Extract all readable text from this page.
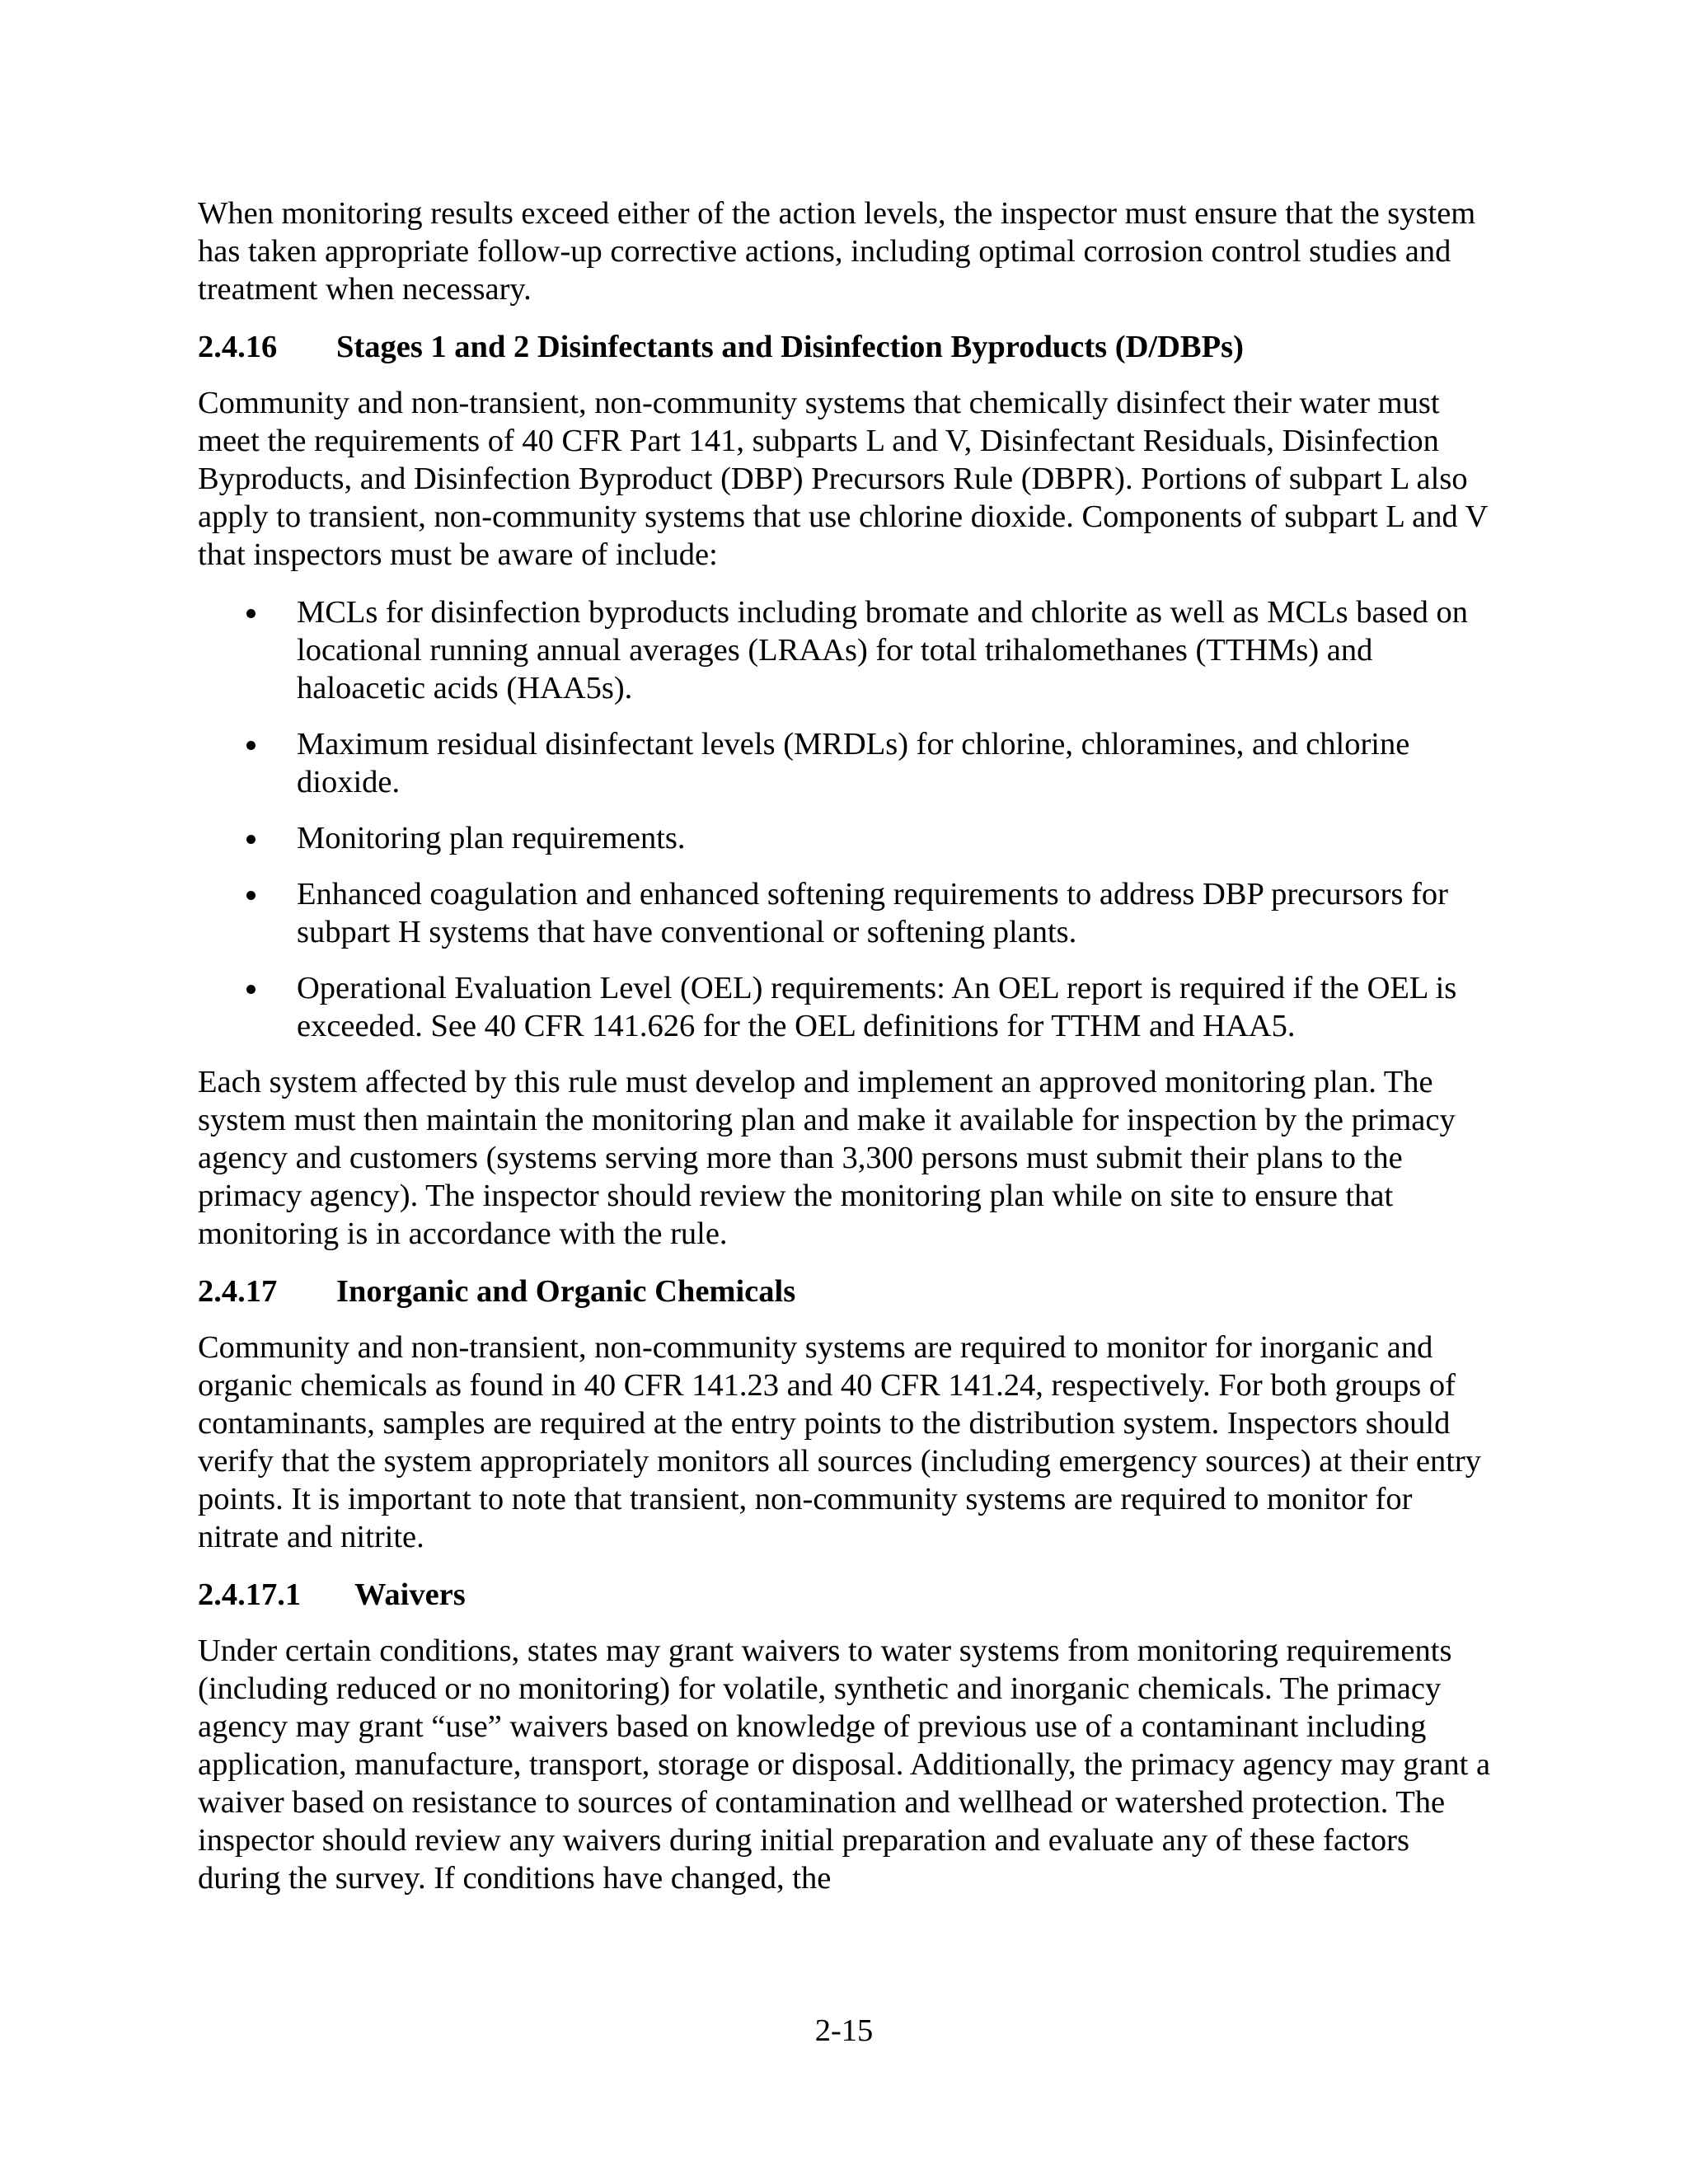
When monitoring results exceed either of the action levels, the inspector must ensure that the system has taken appropriate follow-up corrective actions, including optimal corrosion control studies and treatment when necessary.

2.4.16 Stages 1 and 2 Disinfectants and Disinfection Byproducts (D/DBPs)

Community and non-transient, non-community systems that chemically disinfect their water must meet the requirements of 40 CFR Part 141, subparts L and V, Disinfectant Residuals, Disinfection Byproducts, and Disinfection Byproduct (DBP) Precursors Rule (DBPR). Portions of subpart L also apply to transient, non-community systems that use chlorine dioxide. Components of subpart L and V that inspectors must be aware of include:

MCLs for disinfection byproducts including bromate and chlorite as well as MCLs based on locational running annual averages (LRAAs) for total trihalomethanes (TTHMs) and haloacetic acids (HAA5s).
Maximum residual disinfectant levels (MRDLs) for chlorine, chloramines, and chlorine dioxide.
Monitoring plan requirements.
Enhanced coagulation and enhanced softening requirements to address DBP precursors for subpart H systems that have conventional or softening plants.
Operational Evaluation Level (OEL) requirements: An OEL report is required if the OEL is exceeded. See 40 CFR 141.626 for the OEL definitions for TTHM and HAA5.

Each system affected by this rule must develop and implement an approved monitoring plan. The system must then maintain the monitoring plan and make it available for inspection by the primacy agency and customers (systems serving more than 3,300 persons must submit their plans to the primacy agency). The inspector should review the monitoring plan while on site to ensure that monitoring is in accordance with the rule.

2.4.17 Inorganic and Organic Chemicals

Community and non-transient, non-community systems are required to monitor for inorganic and organic chemicals as found in 40 CFR 141.23 and 40 CFR 141.24, respectively. For both groups of contaminants, samples are required at the entry points to the distribution system. Inspectors should verify that the system appropriately monitors all sources (including emergency sources) at their entry points. It is important to note that transient, non-community systems are required to monitor for nitrate and nitrite.

2.4.17.1 Waivers

Under certain conditions, states may grant waivers to water systems from monitoring requirements (including reduced or no monitoring) for volatile, synthetic and inorganic chemicals. The primacy agency may grant “use” waivers based on knowledge of previous use of a contaminant including application, manufacture, transport, storage or disposal. Additionally, the primacy agency may grant a waiver based on resistance to sources of contamination and wellhead or watershed protection. The inspector should review any waivers during initial preparation and evaluate any of these factors during the survey. If conditions have changed, the

2-15
